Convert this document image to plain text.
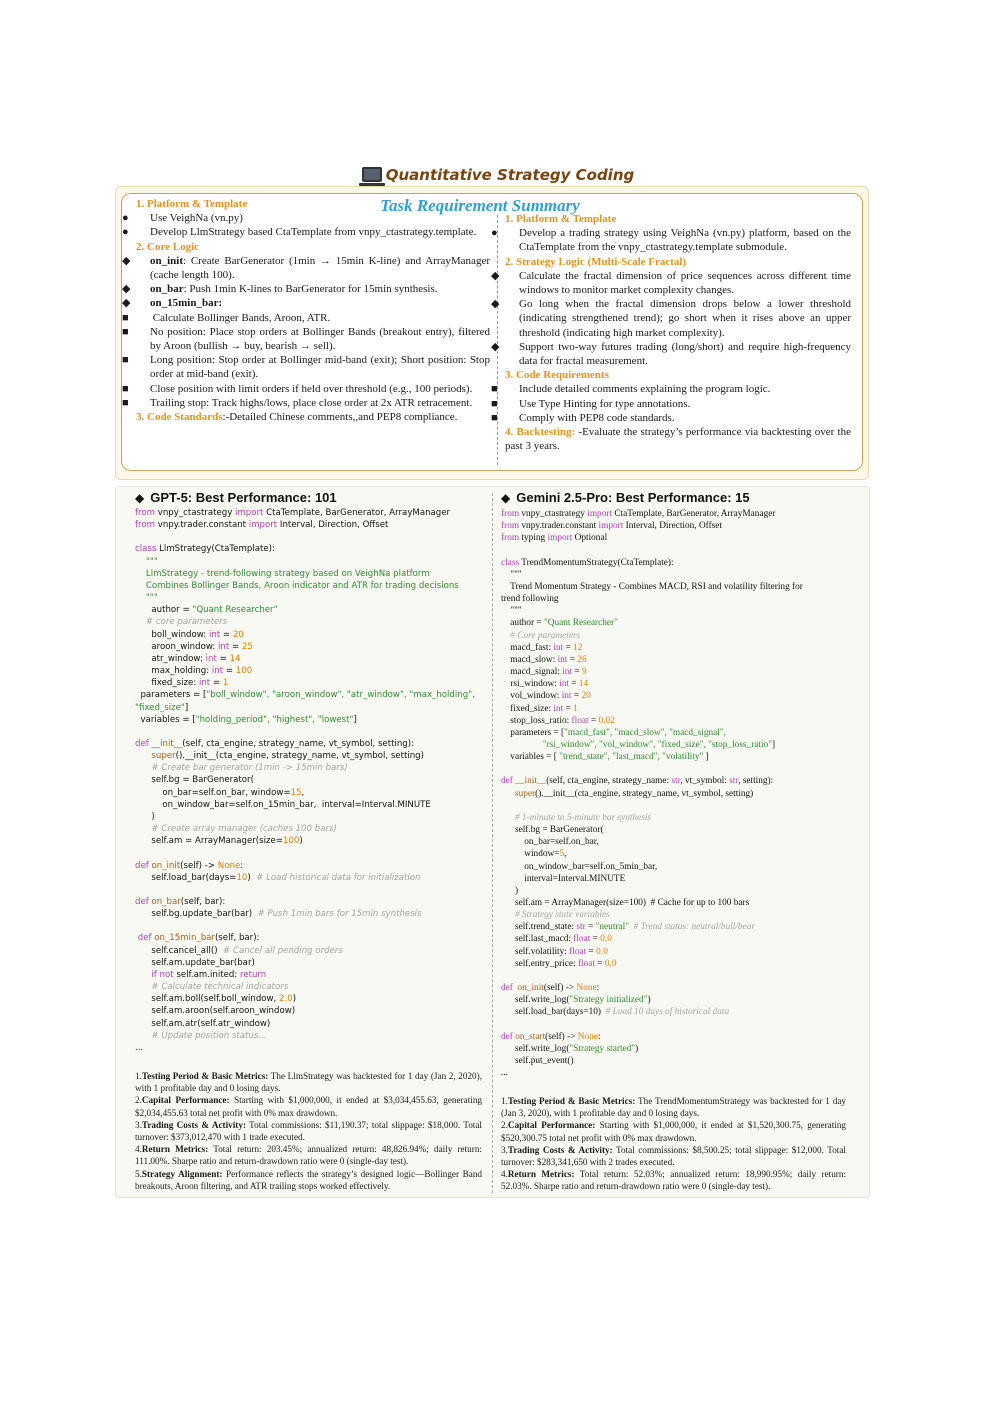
Quantitative Strategy Coding
Task Requirement Summary
1. Platform & Template
● Use VeighNa (vn.py)
● Develop LlmStrategy based CtaTemplate from vnpy_ctastrategy.template.
2. Core Logic
◆ on_init: Create BarGenerator (1min → 15min K-line) and ArrayManager (cache length 100).
◆ on_bar: Push 1min K-lines to BarGenerator for 15min synthesis.
◆ on_15min_bar:
■ Calculate Bollinger Bands, Aroon, ATR.
■ No position: Place stop orders at Bollinger Bands (breakout entry), filtered by Aroon (bullish → buy, bearish → sell).
■ Long position: Stop order at Bollinger mid-band (exit); Short position: Stop order at mid-band (exit).
■ Close position with limit orders if held over threshold (e.g., 100 periods).
■ Trailing stop: Track highs/lows, place close order at 2x ATR retracement.
3. Code Standards:-Detailed Chinese comments,,and PEP8 compliance.
1. Platform & Template
● Develop a trading strategy using VeighNa (vn.py) platform, based on the CtaTemplate from the vnpy_ctastrategy.template submodule.
2. Strategy Logic (Multi-Scale Fractal)
◆ Calculate the fractal dimension of price sequences across different time windows to monitor market complexity changes.
◆ Go long when the fractal dimension drops below a lower threshold (indicating strengthened trend); go short when it rises above an upper threshold (indicating high market complexity).
◆ Support two-way futures trading (long/short) and require high-frequency data for fractal measurement.
3. Code Requirements
■ Include detailed comments explaining the program logic.
■ Use Type Hinting for type annotations.
■ Comply with PEP8 code standards.
4. Backtesting: -Evaluate the strategy’s performance via backtesting over the past 3 years.
◆ GPT-5: Best Performance: 101	◆ Gemini 2.5-Pro: Best Performance: 15
from vnpy_ctastrategy import CtaTemplate, BarGenerator, ArrayManager
from vnpy.trader.constant import Interval, Direction, Offset

class LlmStrategy(CtaTemplate):
"""
LlmStrategy - trend-following strategy based on VeighNa platform
Combines Bollinger Bands, Aroon indicator and ATR for trading decisions
"""
author = "Quant Researcher"
# core parameters
boll_window: int = 20
aroon_window: int = 25
atr_window: int = 14
max_holding: int = 100
fixed_size: int = 1
parameters = ["boll_window", "aroon_window", "atr_window", "max_holding",
"fixed_size"]
variables = ["holding_period", "highest", "lowest"]

def __init__(self, cta_engine, strategy_name, vt_symbol, setting):
super().__init__(cta_engine, strategy_name, vt_symbol, setting)
# Create bar generator (1min -> 15min bars)
self.bg = BarGenerator(
on_bar=self.on_bar, window=15,
on_window_bar=self.on_15min_bar,  interval=Interval.MINUTE
)
# Create array manager (caches 100 bars)
self.am = ArrayManager(size=100)

def on_init(self) -> None:
self.load_bar(days=10)  # Load historical data for initialization

def on_bar(self, bar):
self.bg.update_bar(bar)  # Push 1min bars for 15min synthesis

def on_15min_bar(self, bar):
self.cancel_all()  # Cancel all pending orders
self.am.update_bar(bar)
if not self.am.inited: return
# Calculate technical indicators
self.am.boll(self.boll_window, 2.0)
self.am.aroon(self.aroon_window)
self.am.atr(self.atr_window)
# Update position status...
...
from vnpy_ctastrategy import CtaTemplate, BarGenerator, ArrayManager
from vnpy.trader.constant import Interval, Direction, Offset
from typing import Optional

class TrendMomentumStrategy(CtaTemplate):
"""
Trend Momentum Strategy - Combines MACD, RSI and volatility filtering for
trend following
"""
author = "Quant Researcher"
# Core parameters
macd_fast: int = 12
macd_slow: int = 26
macd_signal: int = 9
rsi_window: int = 14
vol_window: int = 20
fixed_size: int = 1
stop_loss_ratio: float = 0.02
parameters = ["macd_fast", "macd_slow", "macd_signal",
"rsi_window", "vol_window", "fixed_size", "stop_loss_ratio"]
variables = [ "trend_state", "last_macd", "volatility" ]

def __init__(self, cta_engine, strategy_name: str, vt_symbol: str, setting):
super().__init__(cta_engine, strategy_name, vt_symbol, setting)

# 1-minute to 5-minute bar synthesis
self.bg = BarGenerator(
on_bar=self.on_bar,
window=5,
on_window_bar=self.on_5min_bar,
interval=Interval.MINUTE
)
self.am = ArrayManager(size=100)  # Cache for up to 100 bars
# Strategy state variables
self.trend_state: str = "neutral" # Trend status: neutral/bull/bear
self.last_macd: float = 0.0
self.volatility: float = 0.0
self.entry_price: float = 0.0

def on_init(self) -> None:
self.write_log("Strategy initialized")
self.load_bar(days=10)  # Load 10 days of historical data

def on_start(self) -> None:
self.write_log("Strategy started")
self.put_event()
...
1.Testing Period & Basic Metrics: The LlmStrategy was backtested for 1 day (Jan 2, 2020), with 1 profitable day and 0 losing days.
2.Capital Performance: Starting with $1,000,000, it ended at $3,034,455.63, generating $2,034,455.63 total net profit with 0% max drawdown.
3.Trading Costs & Activity: Total commissions: $11,190.37; total slippage: $18,000. Total turnover: $373,012,470 with 1 trade executed.
4.Return Metrics: Total return: 203.45%; annualized return: 48,826.94%; daily return: 111.00%. Sharpe ratio and return-drawdown ratio were 0 (single-day test).
5.Strategy Alignment: Performance reflects the strategy’s designed logic—Bollinger Band breakouts, Aroon filtering, and ATR trailing stops worked effectively.
1.Testing Period & Basic Metrics: The TrendMomentumStrategy was backtested for 1 day (Jan 3, 2020), with 1 profitable day and 0 losing days.
2.Capital Performance: Starting with $1,000,000, it ended at $1,520,300.75, generating $520,300.75 total net profit with 0% max drawdown.
3.Trading Costs & Activity: Total commissions: $8,500.25; total slippage: $12,000. Total turnover: $283,341,650 with 2 trades executed.
4.Return Metrics: Total return: 52.03%; annualized return: 18,990.95%; daily return: 52.03%. Sharpe ratio and return-drawdown ratio were 0 (single-day test).
